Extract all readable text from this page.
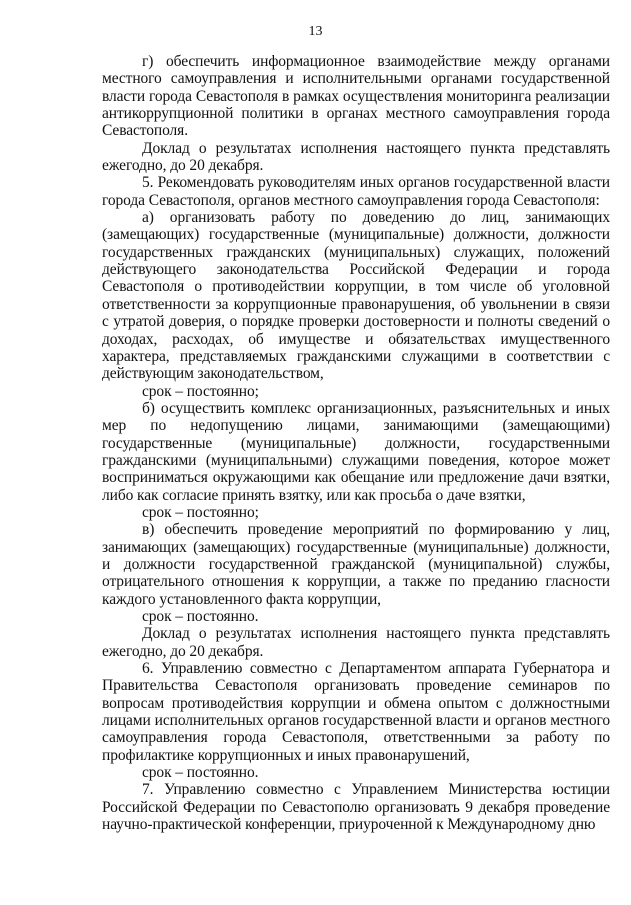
13

г) обеспечить информационное взаимодействие между органами местного самоуправления и исполнительными органами государственной власти города Севастополя в рамках осуществления мониторинга реализации антикоррупционной политики в органах местного самоуправления города Севастополя.

Доклад о результатах исполнения настоящего пункта представлять ежегодно, до 20 декабря.

5. Рекомендовать руководителям иных органов государственной власти города Севастополя, органов местного самоуправления города Севастополя:

а) организовать работу по доведению до лиц, занимающих (замещающих) государственные (муниципальные) должности, должности государственных гражданских (муниципальных) служащих, положений действующего законодательства Российской Федерации и города Севастополя о противодействии коррупции, в том числе об уголовной ответственности за коррупционные правонарушения, об увольнении в связи с утратой доверия, о порядке проверки достоверности и полноты сведений о доходах, расходах, об имуществе и обязательствах имущественного характера, представляемых гражданскими служащими в соответствии с действующим законодательством,

срок – постоянно;

б) осуществить комплекс организационных, разъяснительных и иных мер по недопущению лицами, занимающими (замещающими) государственные (муниципальные) должности, государственными гражданскими (муниципальными) служащими поведения, которое может восприниматься окружающими как обещание или предложение дачи взятки, либо как согласие принять взятку, или как просьба о даче взятки,

срок – постоянно;

в) обеспечить проведение мероприятий по формированию у лиц, занимающих (замещающих) государственные (муниципальные) должности, и должности государственной гражданской (муниципальной) службы, отрицательного отношения к коррупции, а также по преданию гласности каждого установленного факта коррупции,

срок – постоянно.

Доклад о результатах исполнения настоящего пункта представлять ежегодно, до 20 декабря.

6. Управлению совместно с Департаментом аппарата Губернатора и Правительства Севастополя организовать проведение семинаров по вопросам противодействия коррупции и обмена опытом с должностными лицами исполнительных органов государственной власти и органов местного самоуправления города Севастополя, ответственными за работу по профилактике коррупционных и иных правонарушений,

срок – постоянно.

7. Управлению совместно с Управлением Министерства юстиции Российской Федерации по Севастополю организовать 9 декабря проведение научно-практической конференции, приуроченной к Международному дню
